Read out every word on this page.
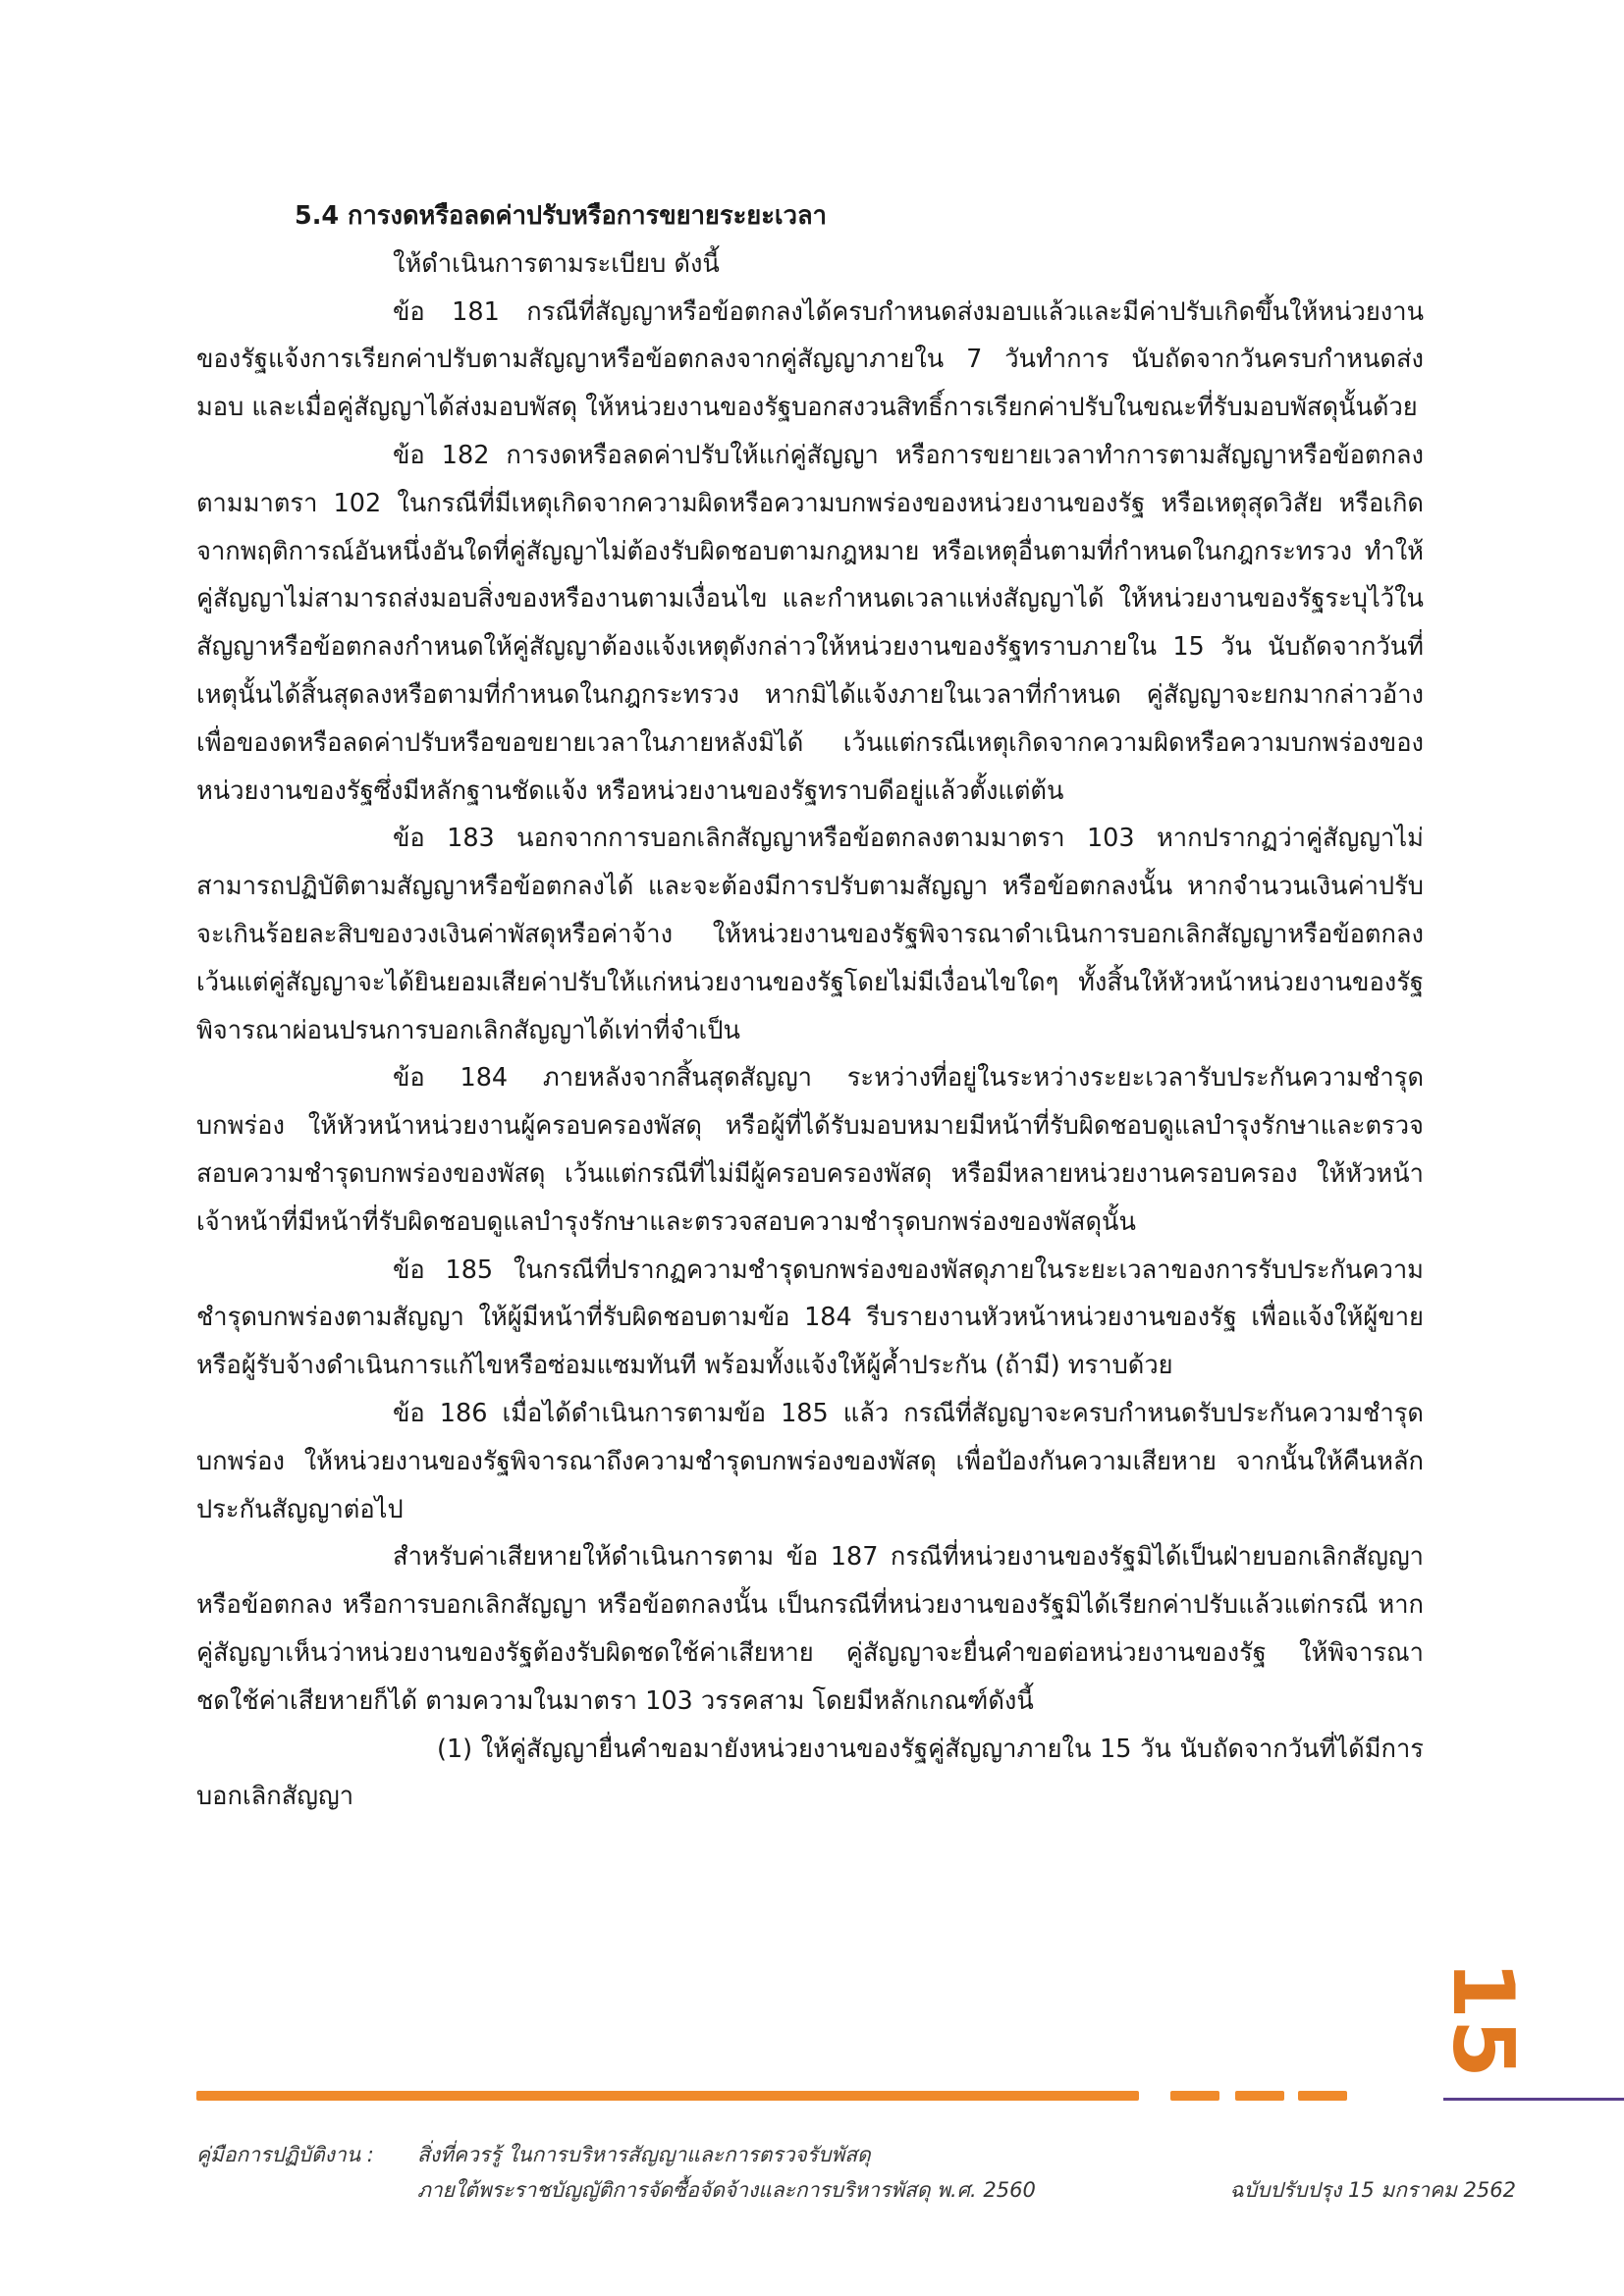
5.4 การงดหรือลดค่าปรับหรือการขยายระยะเวลา

ให้ดำเนินการตามระเบียบ ดังนี้

ข้อ 181 กรณีที่สัญญาหรือข้อตกลงได้ครบกำหนดส่งมอบแล้วและมีค่าปรับเกิดขึ้นให้หน่วยงานของรัฐแจ้งการเรียกค่าปรับตามสัญญาหรือข้อตกลงจากคู่สัญญาภายใน 7 วันทำการ นับถัดจากวันครบกำหนดส่งมอบ และเมื่อคู่สัญญาได้ส่งมอบพัสดุ ให้หน่วยงานของรัฐบอกสงวนสิทธิ์การเรียกค่าปรับในขณะที่รับมอบพัสดุนั้นด้วย

ข้อ 182 การงดหรือลดค่าปรับให้แก่คู่สัญญา หรือการขยายเวลาทำการตามสัญญาหรือข้อตกลงตามมาตรา 102 ในกรณีที่มีเหตุเกิดจากความผิดหรือความบกพร่องของหน่วยงานของรัฐ หรือเหตุสุดวิสัย หรือเกิดจากพฤติการณ์อันหนึ่งอันใดที่คู่สัญญาไม่ต้องรับผิดชอบตามกฎหมาย หรือเหตุอื่นตามที่กำหนดในกฎกระทรวง ทำให้คู่สัญญาไม่สามารถส่งมอบสิ่งของหรืองานตามเงื่อนไข และกำหนดเวลาแห่งสัญญาได้ ให้หน่วยงานของรัฐระบุไว้ในสัญญาหรือข้อตกลงกำหนดให้คู่สัญญาต้องแจ้งเหตุดังกล่าวให้หน่วยงานของรัฐทราบภายใน 15 วัน นับถัดจากวันที่เหตุนั้นได้สิ้นสุดลงหรือตามที่กำหนดในกฎกระทรวง หากมิได้แจ้งภายในเวลาที่กำหนด คู่สัญญาจะยกมากล่าวอ้างเพื่อของดหรือลดค่าปรับหรือขอขยายเวลาในภายหลังมิได้ เว้นแต่กรณีเหตุเกิดจากความผิดหรือความบกพร่องของหน่วยงานของรัฐซึ่งมีหลักฐานชัดแจ้ง หรือหน่วยงานของรัฐทราบดีอยู่แล้วตั้งแต่ต้น

ข้อ 183 นอกจากการบอกเลิกสัญญาหรือข้อตกลงตามมาตรา 103 หากปรากฏว่าคู่สัญญาไม่สามารถปฏิบัติตามสัญญาหรือข้อตกลงได้ และจะต้องมีการปรับตามสัญญา หรือข้อตกลงนั้น หากจำนวนเงินค่าปรับจะเกินร้อยละสิบของวงเงินค่าพัสดุหรือค่าจ้าง ให้หน่วยงานของรัฐพิจารณาดำเนินการบอกเลิกสัญญาหรือข้อตกลง เว้นแต่คู่สัญญาจะได้ยินยอมเสียค่าปรับให้แก่หน่วยงานของรัฐโดยไม่มีเงื่อนไขใดๆ ทั้งสิ้นให้หัวหน้าหน่วยงานของรัฐพิจารณาผ่อนปรนการบอกเลิกสัญญาได้เท่าที่จำเป็น

ข้อ 184 ภายหลังจากสิ้นสุดสัญญา ระหว่างที่อยู่ในระหว่างระยะเวลารับประกันความชำรุดบกพร่อง ให้หัวหน้าหน่วยงานผู้ครอบครองพัสดุ หรือผู้ที่ได้รับมอบหมายมีหน้าที่รับผิดชอบดูแลบำรุงรักษาและตรวจสอบความชำรุดบกพร่องของพัสดุ เว้นแต่กรณีที่ไม่มีผู้ครอบครองพัสดุ หรือมีหลายหน่วยงานครอบครอง ให้หัวหน้าเจ้าหน้าที่มีหน้าที่รับผิดชอบดูแลบำรุงรักษาและตรวจสอบความชำรุดบกพร่องของพัสดุนั้น

ข้อ 185 ในกรณีที่ปรากฏความชำรุดบกพร่องของพัสดุภายในระยะเวลาของการรับประกันความชำรุดบกพร่องตามสัญญา ให้ผู้มีหน้าที่รับผิดชอบตามข้อ 184 รีบรายงานหัวหน้าหน่วยงานของรัฐ เพื่อแจ้งให้ผู้ขายหรือผู้รับจ้างดำเนินการแก้ไขหรือซ่อมแซมทันที พร้อมทั้งแจ้งให้ผู้ค้ำประกัน (ถ้ามี) ทราบด้วย

ข้อ 186 เมื่อได้ดำเนินการตามข้อ 185 แล้ว กรณีที่สัญญาจะครบกำหนดรับประกันความชำรุดบกพร่อง ให้หน่วยงานของรัฐพิจารณาถึงความชำรุดบกพร่องของพัสดุ เพื่อป้องกันความเสียหาย จากนั้นให้คืนหลักประกันสัญญาต่อไป

สำหรับค่าเสียหายให้ดำเนินการตาม ข้อ 187 กรณีที่หน่วยงานของรัฐมิได้เป็นฝ่ายบอกเลิกสัญญาหรือข้อตกลง หรือการบอกเลิกสัญญา หรือข้อตกลงนั้น เป็นกรณีที่หน่วยงานของรัฐมิได้เรียกค่าปรับแล้วแต่กรณี หากคู่สัญญาเห็นว่าหน่วยงานของรัฐต้องรับผิดชดใช้ค่าเสียหาย คู่สัญญาจะยื่นคำขอต่อหน่วยงานของรัฐ ให้พิจารณาชดใช้ค่าเสียหายก็ได้ ตามความในมาตรา 103 วรรคสาม โดยมีหลักเกณฑ์ดังนี้

(1) ให้คู่สัญญายื่นคำขอมายังหน่วยงานของรัฐคู่สัญญาภายใน 15 วัน นับถัดจากวันที่ได้มีการบอกเลิกสัญญา

15
คู่มือการปฏิบัติงาน : สิ่งที่ควรรู้ ในการบริหารสัญญาและการตรวจรับพัสดุ
ภายใต้พระราชบัญญัติการจัดซื้อจัดจ้างและการบริหารพัสดุ พ.ศ. 2560	ฉบับปรับปรุง 15 มกราคม 2562
